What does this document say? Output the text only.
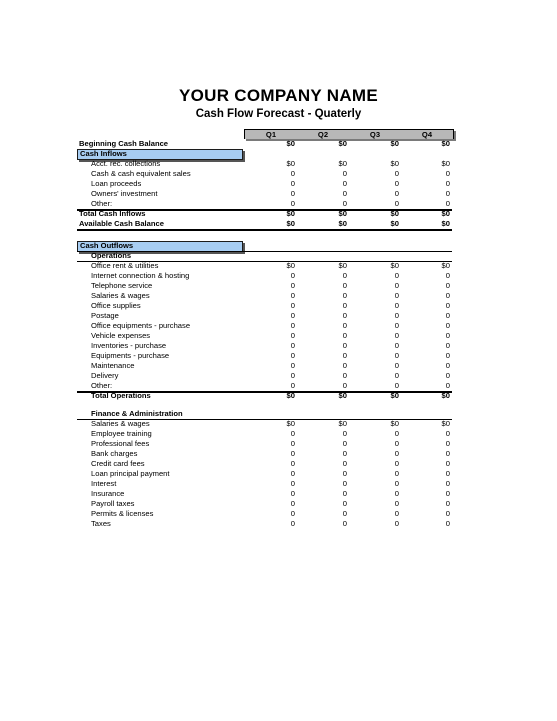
YOUR COMPANY NAME
Cash Flow Forecast - Quaterly
Q1	Q2	Q3	Q4
Beginning Cash Balance	$0	$0	$0	$0
Cash Inflows
Acct. rec. collections	$0	$0	$0	$0
Cash & cash equivalent sales	0	0	0	0
Loan proceeds	0	0	0	0
Owners' investment	0	0	0	0
Other:	0	0	0	0
Total Cash Inflows	$0	$0	$0	$0
Available Cash Balance	$0	$0	$0	$0
Cash Outflows
Operations
Office rent & utilities	$0	$0	$0	$0
Internet connection & hosting	0	0	0	0
Telephone service	0	0	0	0
Salaries & wages	0	0	0	0
Office supplies	0	0	0	0
Postage	0	0	0	0
Office equipments - purchase	0	0	0	0
Vehicle expenses	0	0	0	0
Inventories - purchase	0	0	0	0
Equipments - purchase	0	0	0	0
Maintenance	0	0	0	0
Delivery	0	0	0	0
Other:	0	0	0	0
Total Operations	$0	$0	$0	$0
Finance & Administration
Salaries & wages	$0	$0	$0	$0
Employee training	0	0	0	0
Professional fees	0	0	0	0
Bank charges	0	0	0	0
Credit card fees	0	0	0	0
Loan principal payment	0	0	0	0
Interest	0	0	0	0
Insurance	0	0	0	0
Payroll taxes	0	0	0	0
Permits & licenses	0	0	0	0
Taxes	0	0	0	0
